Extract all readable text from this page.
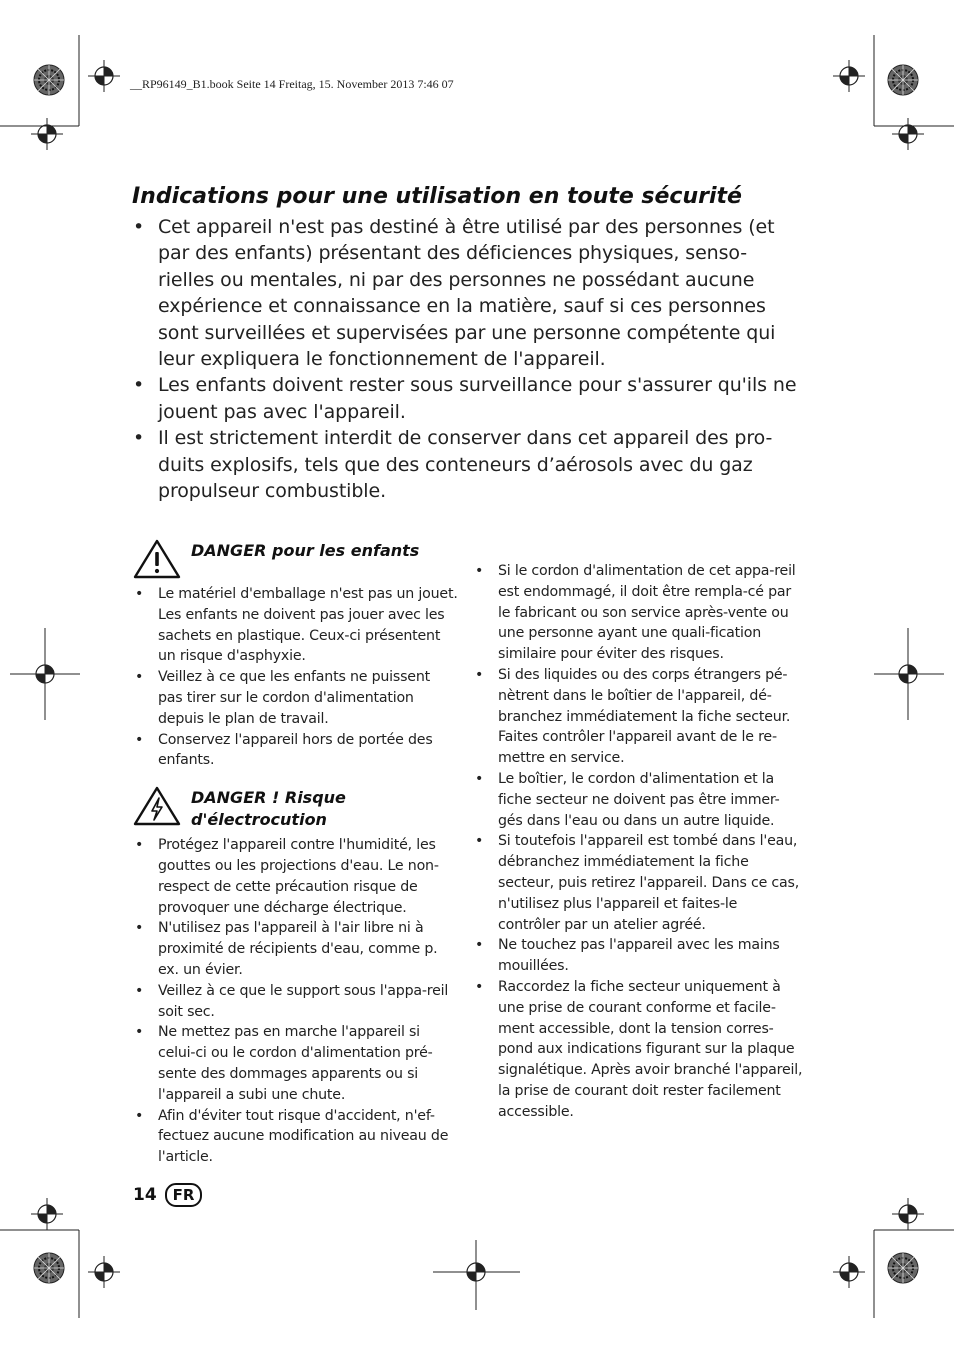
__RP96149_B1.book Seite 14 Freitag, 15. November 2013 7:46 07
Indications pour une utilisation en toute sécurité
• Cet appareil n'est pas destiné à être utilisé par des personnes (et par des enfants) présentant des déficiences physiques, senso-rielles ou mentales, ni par des personnes ne possédant aucune expérience et connaissance en la matière, sauf si ces personnes sont surveillées et supervisées par une personne compétente qui leur expliquera le fonctionnement de l'appareil.
• Les enfants doivent rester sous surveillance pour s'assurer qu'ils ne jouent pas avec l'appareil.
• Il est strictement interdit de conserver dans cet appareil des pro-duits explosifs, tels que des conteneurs d’aérosols avec du gaz propulseur combustible.
DANGER pour les enfants
• Le matériel d'emballage n'est pas un jouet. Les enfants ne doivent pas jouer avec les sachets en plastique. Ceux-ci présentent un risque d'asphyxie.
• Veillez à ce que les enfants ne puissent pas tirer sur le cordon d'alimentation depuis le plan de travail.
• Conservez l'appareil hors de portée des enfants.
DANGER ! Risque
d'électrocution
• Protégez l'appareil contre l'humidité, les gouttes ou les projections d'eau. Le non-respect de cette précaution risque de provoquer une décharge électrique.
• N'utilisez pas l'appareil à l'air libre ni à proximité de récipients d'eau, comme p. ex. un évier.
• Veillez à ce que le support sous l'appa-reil soit sec.
• Ne mettez pas en marche l'appareil si celui-ci ou le cordon d'alimentation pré-sente des dommages apparents ou si l'appareil a subi une chute.
• Afin d'éviter tout risque d'accident, n'ef-fectuez aucune modification au niveau de l'article.
• Si le cordon d'alimentation de cet appa-reil est endommagé, il doit être rempla-cé par le fabricant ou son service après-vente ou une personne ayant une quali-fication similaire pour éviter des risques.
• Si des liquides ou des corps étrangers pé-nètrent dans le boîtier de l'appareil, dé-branchez immédiatement la fiche secteur. Faites contrôler l'appareil avant de le re-mettre en service.
• Le boîtier, le cordon d'alimentation et la fiche secteur ne doivent pas être immer-gés dans l'eau ou dans un autre liquide.
• Si toutefois l'appareil est tombé dans l'eau, débranchez immédiatement la fiche secteur, puis retirez l'appareil. Dans ce cas, n'utilisez plus l'appareil et faites-le contrôler par un atelier agréé.
• Ne touchez pas l'appareil avec les mains mouillées.
• Raccordez la fiche secteur uniquement à une prise de courant conforme et facile-ment accessible, dont la tension corres-pond aux indications figurant sur la plaque signalétique. Après avoir branché l'appareil, la prise de courant doit rester facilement accessible.
14	FR
